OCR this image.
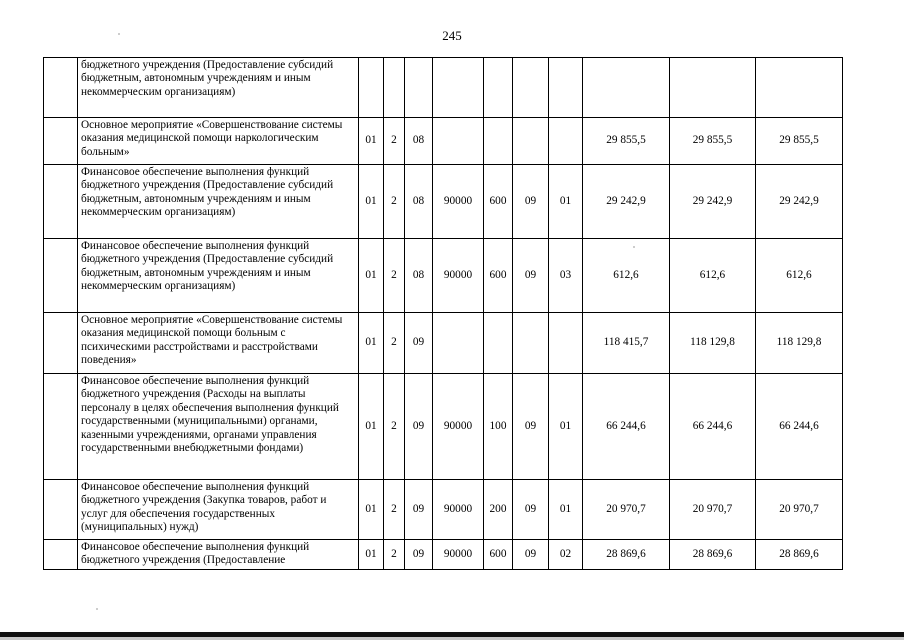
245
	бюджетного учреждения (Предоставление субсидий бюджетным, автономным учреждениям и иным некоммерческим организациям)										
	Основное мероприятие «Совершенствование системы оказания медицинской помощи наркологическим больным»	01	2	08					29 855,5	29 855,5	29 855,5
	Финансовое обеспечение выполнения функций бюджетного учреждения (Предоставление субсидий бюджетным, автономным учреждениям и иным некоммерческим организациям)	01	2	08	90000	600	09	01	29 242,9	29 242,9	29 242,9
	Финансовое обеспечение выполнения функций бюджетного учреждения (Предоставление субсидий бюджетным, автономным учреждениям и иным некоммерческим организациям)	01	2	08	90000	600	09	03	612,6	612,6	612,6
	Основное мероприятие «Совершенствование системы оказания медицинской помощи больным с психическими расстройствами и расстройствами поведения»	01	2	09					118 415,7	118 129,8	118 129,8
	Финансовое обеспечение выполнения функций бюджетного учреждения (Расходы на выплаты персоналу в целях обеспечения выполнения функций государственными (муниципальными) органами, казенными учреждениями, органами управления государственными внебюджетными фондами)	01	2	09	90000	100	09	01	66 244,6	66 244,6	66 244,6
	Финансовое обеспечение выполнения функций бюджетного учреждения (Закупка товаров, работ и услуг для обеспечения государственных (муниципальных) нужд)	01	2	09	90000	200	09	01	20 970,7	20 970,7	20 970,7
	Финансовое обеспечение выполнения функций бюджетного учреждения (Предоставление	01	2	09	90000	600	09	02	28 869,6	28 869,6	28 869,6
